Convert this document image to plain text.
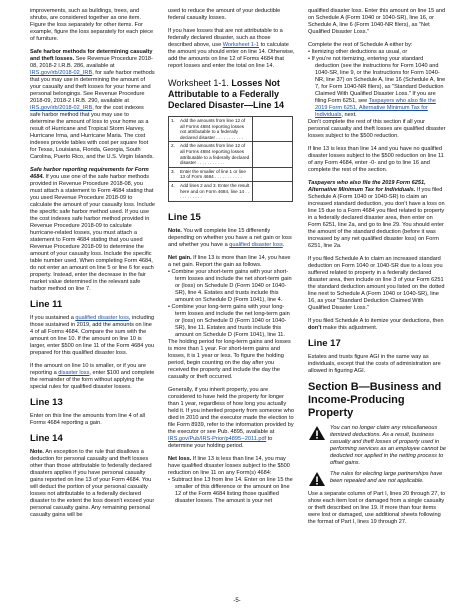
improvements, such as buildings, trees, and shrubs, are considered together as one item. Figure the loss separately for other items. For example, figure the loss separately for each piece of furniture.

Safe harbor methods for determining casualty and theft losses. See Revenue Procedure 2018-08, 2018-2 I.R.B. 286, available at IRS.gov/irb/2018-02_IRB, for safe harbor methods that you may use in determining the amount of your casualty and theft losses for your home and personal belongings. See Revenue Procedure 2018-09, 2018-2 I.R.B. 290, available at IRS.gov/irb/2018-02_IRB, for the cost indexes safe harbor method that you may use to determine the amount of loss to your home as a result of Hurricane and Tropical Storm Harvey, Hurricane Irma, and Hurricane Maria. The cost indexes provide tables with cost per square foot for Texas, Louisiana, Florida, Georgia, South Carolina, Puerto Rico, and the U.S. Virgin Islands.

Safe harbor reporting requirements for Form 4684. If you use one of the safe harbor methods provided in Revenue Procedure 2018-08, you must attach a statement to Form 4684 stating that you used Revenue Procedure 2018-09 to calculate the amount of your casualty loss. Include the specific safe harbor method used. If you use the cost indexes safe harbor method provided in Revenue Procedure 2018-09 to calculate hurricane-related losses, you must attach a statement to Form 4684 stating that you used Revenue Procedure 2018-09 to determine the amount of your casualty loss. Include the specific table number used. When completing Form 4684, do not enter an amount on line 5 or line 6 for each property. Instead, enter the decrease in the fair market value determined in the relevant safe harbor method on line 7.

Line 11

If you sustained a qualified disaster loss, including those sustained in 2019, add the amounts on line 4 of all Forms 4684. Compare the sum with the amount on line 10. If the amount on line 10 is larger, enter $500 on line 11 of the Form 4684 you prepared for this qualified disaster loss.

If the amount on line 10 is smaller, or if you are reporting a disaster loss, enter $100 and complete the remainder of the form without applying the special rules for qualified disaster losses.

Line 13

Enter on this line the amounts from line 4 of all Forms 4684 reporting a gain.

Line 14

Note. An exception to the rule that disallows a deduction for personal casualty and theft losses other than those attributable to federally declared disasters applies if you have personal casualty gains reported on line 13 of your Form 4684. You will deduct the portion of your personal casualty losses not attributable to a federally declared disaster to the extent the loss doesn't exceed your personal casualty gains. Any remaining personal casualty gains will be

used to reduce the amount of your deductible federal casualty losses.

If you have losses that are not attributable to a federally declared disaster, such as those described above, use Worksheet 1-1 to calculate the amount you should enter on line 14. Otherwise, add the amounts on line 12 of Forms 4684 that report losses and enter the total on line 14.

Worksheet 1-1. Losses Not Attributable to a Federally Declared Disaster—Line 14
1.	Add the amounts from line 12 of all Forms 4684 reporting losses not attributable to a federally declared disaster . . . . . . . . . . .	
2.	Add the amounts from line 12 of all Forms 4684 reporting losses attributable to a federally declared disaster . . . . . . . . . . .	
3.	Enter the smaller of line 1 or line 13 of Form 4684 . . . . . . . . . . .	
4.	Add lines 2 and 3. Enter the result here and on Form 4684, line 14 . . . . . . . . . . .	
Line 15

Note. You will complete line 15 differently depending on whether you have a net gain or loss and whether you have a qualified disaster loss.

Net gain. If line 13 is more than line 14, you have a net gain. Report the gain as follows.

• Combine your short-term gains with your short-term losses and include the net short-term gain or (loss) on Schedule D (Form 1040 or 1040-SR), line 4. Estates and trusts include this amount on Schedule D (Form 1041), line 4.

• Combine your long-term gains with your long-term losses and include the net long-term gain or (loss) on Schedule D (Form 1040 or 1040-SR), line 11. Estates and trusts include this amount on Schedule D (Form 1041), line 11.

The holding period for long-term gains and losses is more than 1 year. For short-term gains and losses, it is 1 year or less. To figure the holding period, begin counting on the day after you received the property and include the day the casualty or theft occurred.

Generally, if you inherit property, you are considered to have held the property for longer than 1 year, regardless of how long you actually held it. If you inherited property from someone who died in 2010 and the executor made the election to file Form 8939, refer to the information provided by the executor or see Pub. 4895, available at IRS.gov/Pub/IRS-Prior/p4895--2011.pdf to determine your holding period.

Net loss. If line 13 is less than line 14, you may have qualified disaster losses subject to the $500 reduction on line 11 on any Form(s) 4684:

• Subtract line 13 from line 14. Enter on line 15 the smaller of this difference or the amount on line 12 of the Form 4684 listing those qualified disaster losses. The amount is your net

qualified disaster loss. Enter this amount on line 15 and on Schedule A (Form 1040 or 1040-SR), line 16, or Schedule A, line 6 (Form 1040-NR filers), as "Net Qualified Disaster Loss."

Complete the rest of Schedule A either by:

• Itemizing other deductions as usual, or

• If you're not itemizing, entering your standard deduction (see the instructions for Form 1040 and 1040-SR, line 9, or the Instructions for Form 1040-NR, line 37) on Schedule A, line 16 (Schedule A, line 7, for Form 1040-NR filers), as "Standard Deduction Claimed With Qualified Disaster Loss." If you are filing Form 6251, see Taxpayers who also file the 2019 Form 6251, Alternative Minimum Tax for Individuals, next.

Don't complete the rest of this section if all your personal casualty and theft losses are qualified disaster losses subject to the $500 reduction.

If line 13 is less than line 14 and you have no qualified disaster losses subject to the $500 reduction on line 11 of any Form 4684, enter -0- and go to line 16 and complete the rest of the section.

Taxpayers who also file the 2019 Form 6251, Alternative Minimum Tax for Individuals. If you filed Schedule A (Form 1040 or 1040-SR) to claim an increased standard deduction, you don't have a loss on line 15 due to a Form 4684 you filed related to property in a federally declared disaster area, then enter on Form 6251, line 2a, and go to line 29. You should enter the amount of the standard deduction (before it was increased by any net qualified disaster loss) on Form 6251, line 2a.

If you filed Schedule A to claim an increased standard deduction on Form 1040 or 1040-SR due to a loss you suffered related to property in a federally declared disaster area, then include on line 3 of your Form 6251 the standard deduction amount you listed on the dotted line next to Schedule A (Form 1040 or 1040-SR), line 16, as your "Standard Deduction Claimed With Qualified Disaster Loss."

If you filed Schedule A to itemize your deductions, then don't make this adjustment.

Line 17

Estates and trusts figure AGI in the same way as individuals, except that the costs of administration are allowed in figuring AGI.

Section B—Business and Income-Producing Property
You can no longer claim any miscellaneous itemized deductions. As a result, business casualty and theft losses of property used in performing services as an employee cannot be deducted nor applied in the netting process to offset gains.
The rules for electing large partnerships have been repealed and are not applicable.

Use a separate column of Part I, lines 20 through 27, to show each item lost or damaged from a single casualty or theft described on line 19. If more than four items were lost or damaged, use additional sheets following the format of Part I, lines 19 through 27.

-5-
